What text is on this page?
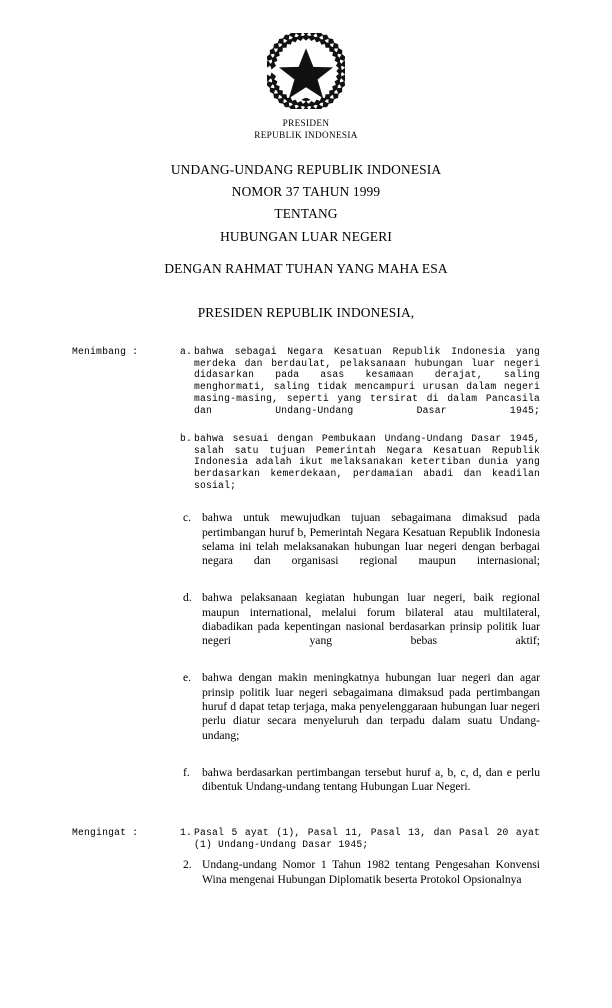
PRESIDEN
REPUBLIK INDONESIA
UNDANG-UNDANG REPUBLIK INDONESIA
NOMOR 37 TAHUN 1999
TENTANG
HUBUNGAN LUAR NEGERI
DENGAN RAHMAT TUHAN YANG MAHA ESA
PRESIDEN REPUBLIK INDONESIA,
Menimbang :	a. bahwa sebagai Negara Kesatuan Republik Indonesia yang merdeka dan berdaulat, pelaksanaan hubungan luar negeri didasarkan pada asas kesamaan derajat, saling menghormati, saling tidak mencampuri urusan dalam negeri masing-masing, seperti yang tersirat di dalam Pancasila dan Undang-Undang Dasar 1945;
b. bahwa sesuai dengan Pembukaan Undang-Undang Dasar 1945, salah satu tujuan Pemerintah Negara Kesatuan Republik Indonesia adalah ikut melaksanakan ketertiban dunia yang berdasarkan kemerdekaan, perdamaian abadi dan keadilan sosial;
c. bahwa untuk mewujudkan tujuan sebagaimana dimaksud pada pertimbangan huruf b, Pemerintah Negara Kesatuan Republik Indonesia selama ini telah melaksanakan hubungan luar negeri dengan berbagai negara dan organisasi regional maupun internasional;
d. bahwa pelaksanaan kegiatan hubungan luar negeri, baik regional maupun international, melalui forum bilateral atau multilateral, diabadikan pada kepentingan nasional berdasarkan prinsip politik luar negeri yang bebas aktif;
e. bahwa dengan makin meningkatnya hubungan luar negeri dan agar prinsip politik luar negeri sebagaimana dimaksud pada pertimbangan huruf d dapat tetap terjaga, maka penyelenggaraan hubungan luar negeri perlu diatur secara menyeluruh dan terpadu dalam suatu Undang-undang;
f. bahwa berdasarkan pertimbangan tersebut huruf a, b, c, d, dan e perlu dibentuk Undang-undang tentang Hubungan Luar Negeri.
Mengingat :	1. Pasal 5 ayat (1), Pasal 11, Pasal 13, dan Pasal 20 ayat (1) Undang-Undang Dasar 1945;
2. Undang-undang Nomor 1 Tahun 1982 tentang Pengesahan Konvensi Wina mengenai Hubungan Diplomatik beserta Protokol Opsionalnya
